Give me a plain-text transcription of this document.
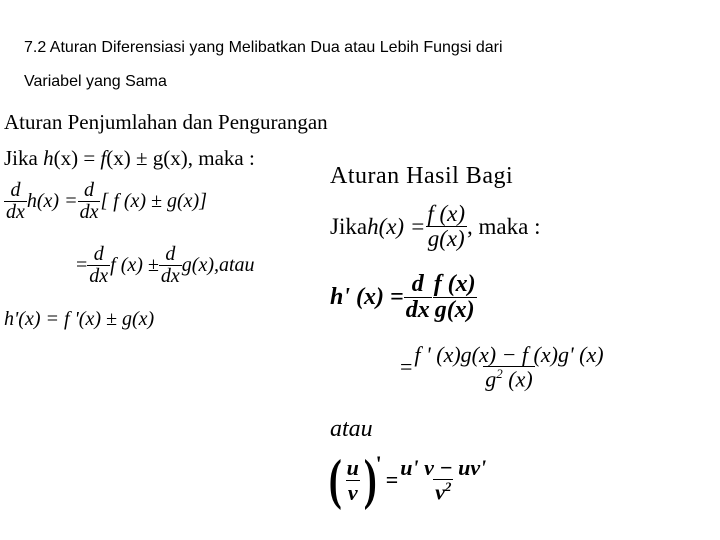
7.2 Aturan Diferensiasi yang Melibatkan Dua atau Lebih Fungsi dari
Variabel yang Sama
Aturan Penjumlahan dan Pengurangan
Jika h(x) = f(x) ± g(x), maka :
$\frac{d}{dx} h(x) = \frac{d}{dx}$ [ f (x) ± g(x)]
= $\frac{d}{dx}$ f $(x) \pm \frac{d}{dx} g(x)$, atau
h'(x) = f '(x) ± g(x)
Aturan Hasil Bagi
Jika $h(x) = \frac{f (x)}{g(x)}$ , maka :
h' $(x) = \frac{d}{dx} \frac{f (x)}{g(x)}$
= $\frac{f ' (x)g(x) - f (x)g' (x)}{g^2 (x)}$
atau
( $\frac{u}{v}$ )
'
= $\frac{u' v - uv'}{v^2}$
